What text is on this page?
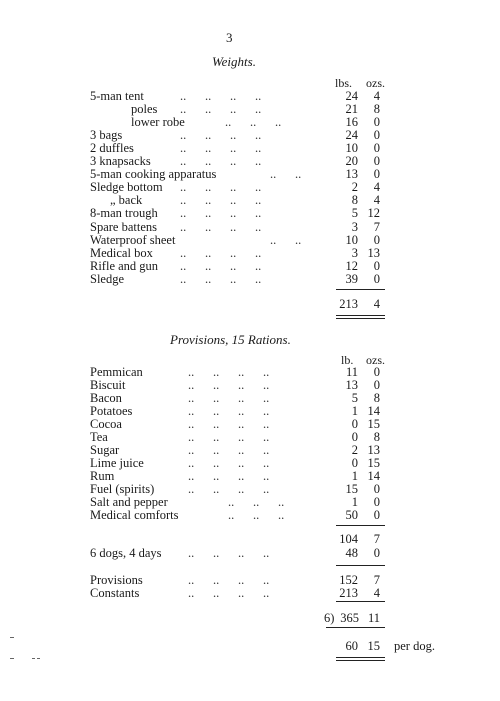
3
Weights.
lbs. ozs.
5-man tent	..      ..      ..      ..	24	4
poles ..      ..      ..      ..	21	8
lower robe	..      ..      ..	16	0
3 bags	..      ..      ..      ..	24	0
2 duffles	..      ..      ..      ..	10	0
3 knapsacks ..      ..      ..      ..	20	0
5-man cooking apparatus	..      ..	13	0
Sledge bottom ..      ..      ..      ..	2	4
„ back	..      ..      ..      ..	8	4
8-man trough ..      ..      ..      ..	5 12
Spare battens ..      ..      ..      ..	3	7
Waterproof sheet	..      ..	10	0
Medical box ..      ..      ..      ..	3 13
Rifle and gun ..      ..      ..      ..	12	0
Sledge	..      ..      ..      ..	39	0
213	4
Provisions, 15 Rations.
lb. ozs.
Pemmican	..      ..      ..      ..	11	0
Biscuit	..      ..      ..      ..	13	0
Bacon	..      ..      ..      ..	5	8
Potatoes	..      ..      ..      ..	1 14
Cocoa	..      ..      ..      ..	0 15
Tea	..      ..      ..      ..	0	8
Sugar	..      ..      ..      ..	2 13
Lime juice	..      ..      ..      ..	0 15
Rum	..      ..      ..      ..	1 14
Fuel (spirits)	..      ..      ..      ..	15	0
Salt and pepper	..      ..      ..	1	0
Medical comforts	..      ..      ..	50	0
104	7
6 dogs, 4 days ..      ..      ..      ..	48	0
Provisions	..      ..      ..      ..	152	7
Constants	..      ..      ..      ..	213	4
6) 365 11
60 15 per dog.
